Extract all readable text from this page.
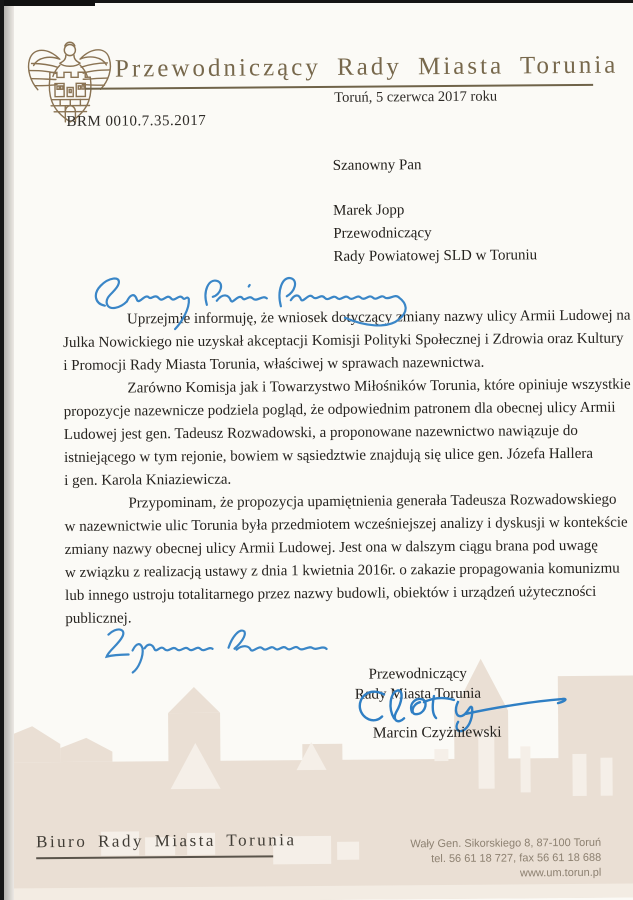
Przewodniczący Rady Miasta Torunia
Toruń, 5 czerwca 2017 roku
BRM 0010.7.35.2017
Szanowny Pan
Marek Jopp
Przewodniczący
Rady Powiatowej SLD w Toruniu
Uprzejmie informuję, że wniosek dotyczący zmiany nazwy ulicy Armii Ludowej na
Julka Nowickiego nie uzyskał akceptacji Komisji Polityki Społecznej i Zdrowia oraz Kultury
i Promocji Rady Miasta Torunia, właściwej w sprawach nazewnictwa.
Zarówno Komisja jak i Towarzystwo Miłośników Torunia, które opiniuje wszystkie
propozycje nazewnicze podziela pogląd, że odpowiednim patronem dla obecnej ulicy Armii
Ludowej jest gen. Tadeusz Rozwadowski, a proponowane nazewnictwo nawiązuje do
istniejącego w tym rejonie, bowiem w sąsiedztwie znajdują się ulice gen. Józefa Hallera
i gen. Karola Kniaziewicza.
Przypominam, że propozycja upamiętnienia generała Tadeusza Rozwadowskiego
w nazewnictwie ulic Torunia była przedmiotem wcześniejszej analizy i dyskusji w kontekście
zmiany nazwy obecnej ulicy Armii Ludowej. Jest ona w dalszym ciągu brana pod uwagę
w związku z realizacją ustawy z dnia 1 kwietnia 2016r. o zakazie propagowania komunizmu
lub innego ustroju totalitarnego przez nazwy budowli, obiektów i urządzeń użyteczności
publicznej.
Przewodniczący
Rady Miasta Torunia
Marcin Czyżniewski
Biuro Rady Miasta Torunia	Wały Gen. Sikorskiego 8, 87-100 Toruń
tel. 56 61 18 727, fax 56 61 18 688
www.um.torun.pl
